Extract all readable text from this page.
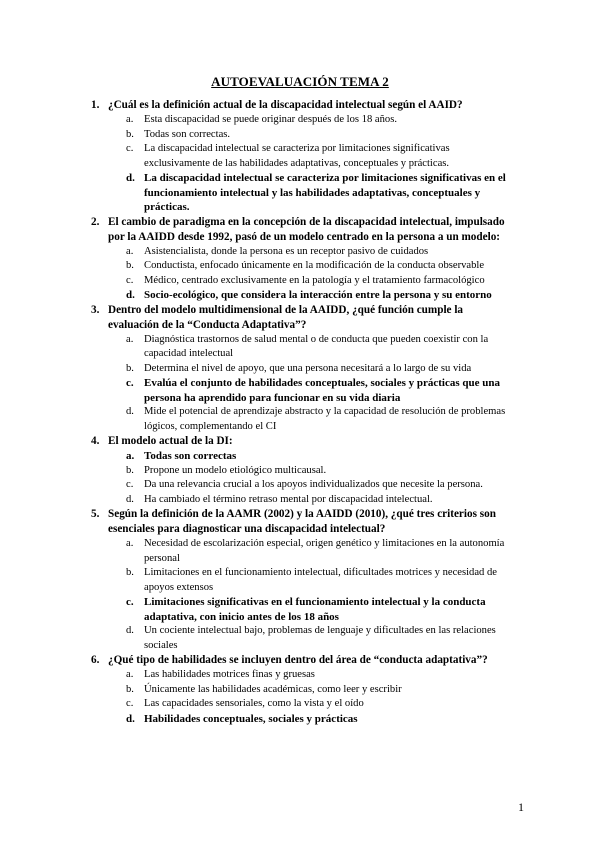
AUTOEVALUACIÓN TEMA 2
1. ¿Cuál es la definición actual de la discapacidad intelectual según el AAID?
a. Esta discapacidad se puede originar después de los 18 años.
b. Todas son correctas.
c. La discapacidad intelectual se caracteriza por limitaciones significativas exclusivamente de las habilidades adaptativas, conceptuales y prácticas.
d. La discapacidad intelectual se caracteriza por limitaciones significativas en el funcionamiento intelectual y las habilidades adaptativas, conceptuales y prácticas.
2. El cambio de paradigma en la concepción de la discapacidad intelectual, impulsado por la AAIDD desde 1992, pasó de un modelo centrado en la persona a un modelo:
a. Asistencialista, donde la persona es un receptor pasivo de cuidados
b. Conductista, enfocado únicamente en la modificación de la conducta observable
c. Médico, centrado exclusivamente en la patología y el tratamiento farmacológico
d. Socio-ecológico, que considera la interacción entre la persona y su entorno
3. Dentro del modelo multidimensional de la AAIDD, ¿qué función cumple la evaluación de la “Conducta Adaptativa”?
a. Diagnóstica trastornos de salud mental o de conducta que pueden coexistir con la capacidad intelectual
b. Determina el nivel de apoyo, que una persona necesitará a lo largo de su vida
c. Evalúa el conjunto de habilidades conceptuales, sociales y prácticas que una persona ha aprendido para funcionar en su vida diaria
d. Mide el potencial de aprendizaje abstracto y la capacidad de resolución de problemas lógicos, complementando el CI
4. El modelo actual de la DI:
a. Todas son correctas
b. Propone un modelo etiológico multicausal.
c. Da una relevancia crucial a los apoyos individualizados que necesite la persona.
d. Ha cambiado el término retraso mental por discapacidad intelectual.
5. Según la definición de la AAMR (2002) y la AAIDD (2010), ¿qué tres criterios son esenciales para diagnosticar una discapacidad intelectual?
a. Necesidad de escolarización especial, origen genético y limitaciones en la autonomía personal
b. Limitaciones en el funcionamiento intelectual, dificultades motrices y necesidad de apoyos extensos
c. Limitaciones significativas en el funcionamiento intelectual y la conducta adaptativa, con inicio antes de los 18 años
d. Un cociente intelectual bajo, problemas de lenguaje y dificultades en las relaciones sociales
6. ¿Qué tipo de habilidades se incluyen dentro del área de “conducta adaptativa”?
a. Las habilidades motrices finas y gruesas
b. Únicamente las habilidades académicas, como leer y escribir
c. Las capacidades sensoriales, como la vista y el oído
d. Habilidades conceptuales, sociales y prácticas
1
